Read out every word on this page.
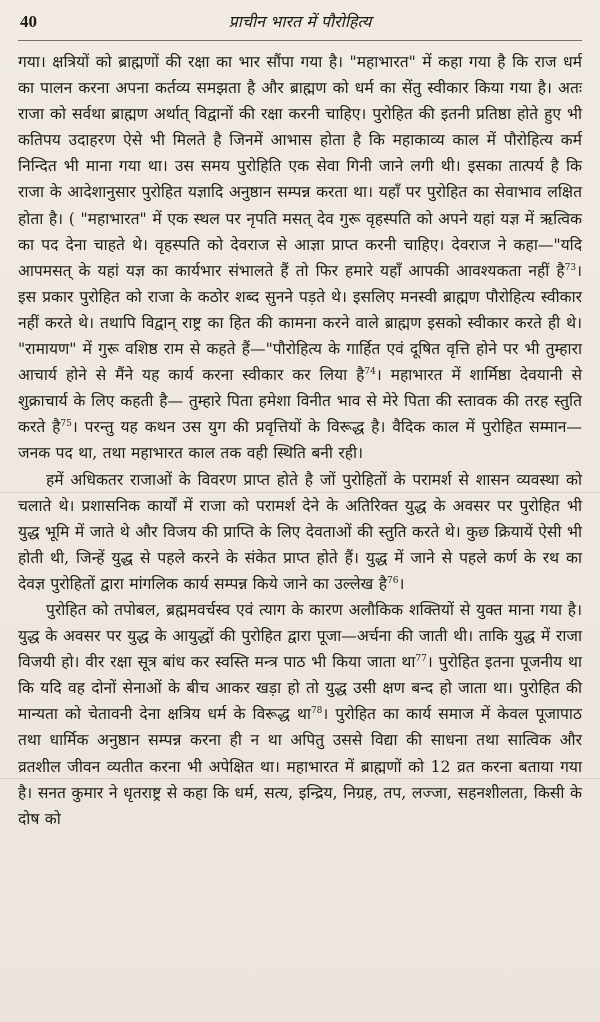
40	प्राचीन भारत में पौरोहित्य

गया। क्षत्रियों को ब्राह्मणों की रक्षा का भार सौंपा गया है। "महाभारत" में कहा गया है कि राज धर्म का पालन करना अपना कर्तव्य समझता है और ब्राह्मण को धर्म का सेंतु स्वीकार किया गया है। अतः राजा को सर्वथा ब्राह्मण अर्थात् विद्वानों की रक्षा करनी चाहिए। पुरोहित की इतनी प्रतिष्ठा होते हुए भी कतिपय उदाहरण ऐसे भी मिलते है जिनमें आभास होता है कि महाकाव्य काल में पौरोहित्य कर्म निन्दित भी माना गया था। उस समय पुरोहिति एक सेवा गिनी जाने लगी थी। इसका तात्पर्य है कि राजा के आदेशानुसार पुरोहित यज्ञादि अनुष्ठान सम्पन्न करता था। यहाँ पर पुरोहित का सेवाभाव लक्षित होता है। ( "महाभारत" में एक स्थल पर नृपति मसत् देव गुरू वृहस्पति को अपने यहां यज्ञ में ऋत्विक का पद देना चाहते थे। वृहस्पति को देवराज से आज्ञा प्राप्त करनी चाहिए। देवराज ने कहा—"यदि आपमसत् के यहां यज्ञ का कार्यभार संभालते हैं तो फिर हमारे यहाँ आपकी आवश्यकता नहीं है$^{73}$। इस प्रकार पुरोहित को राजा के कठोर शब्द सुनने पड़ते थे। इसलिए मनस्वी ब्राह्मण पौरोहित्य स्वीकार नहीं करते थे। तथापि विद्वान् राष्ट्र का हित की कामना करने वाले ब्राह्मण इसको स्वीकार करते ही थे। "रामायण" में गुरू वशिष्ठ राम से कहते हैं—"पौरोहित्य के गार्हित एवं दूषित वृत्ति होने पर भी तुम्हारा आचार्य होने से मैंने यह कार्य करना स्वीकार कर लिया है$^{74}$। महाभारत में शार्मिष्ठा देवयानी से शुक्राचार्य के लिए कहती है— तुम्हारे पिता हमेशा विनीत भाव से मेरे पिता की स्तावक की तरह स्तुति करते है$^{75}$। परन्तु यह कथन उस युग की प्रवृत्तियों के विरूद्ध है। वैदिक काल में पुरोहित सम्मान—जनक पद था, तथा महाभारत काल तक वही स्थिति बनी रही।

हमें अधिकतर राजाओं के विवरण प्राप्त होते है जों पुरोहितों के परामर्श से शासन व्यवस्था को चलाते थे। प्रशासनिक कार्यों में राजा को परामर्श देने के अतिरिक्त युद्ध के अवसर पर पुरोहित भी युद्ध भूमि में जाते थे और विजय की प्राप्ति के लिए देवताओं की स्तुति करते थे। कुछ क्रियायें ऐसी भी होती थी, जिन्हें युद्ध से पहले करने के संकेत प्राप्त होते हैं। युद्ध में जाने से पहले कर्ण के रथ का देवज्ञ पुरोहितों द्वारा मांगलिक कार्य सम्पन्न किये जाने का उल्लेख है$^{76}$।

पुरोहित को तपोबल, ब्रह्ममवर्चस्व एवं त्याग के कारण अलौकिक शक्तियों से युक्त माना गया है। युद्ध के अवसर पर युद्ध के आयुद्धों की पुरोहित द्वारा पूजा—अर्चना की जाती थी। ताकि युद्ध में राजा विजयी हो। वीर रक्षा सूत्र बांध कर स्वस्ति मन्त्र पाठ भी किया जाता था$^{77}$। पुरोहित इतना पूजनीय था कि यदि वह दोनों सेनाओं के बीच आकर खड़ा हो तो युद्ध उसी क्षण बन्द हो जाता था। पुरोहित की मान्यता को चेतावनी देना क्षत्रिय धर्म के विरूद्ध था$^{78}$। पुरोहित का कार्य समाज में केवल पूजापाठ तथा धार्मिक अनुष्ठान सम्पन्न करना ही न था अपितु उससे विद्या की साधना तथा सात्विक और व्रतशील जीवन व्यतीत करना भी अपेक्षित था। महाभारत में ब्राह्मणों को 12 व्रत करना बताया गया है। सनत कुमार ने धृतराष्ट्र से कहा कि धर्म, सत्य, इन्द्रिय, निग्रह, तप, लज्जा, सहनशीलता, किसी के दोष को
